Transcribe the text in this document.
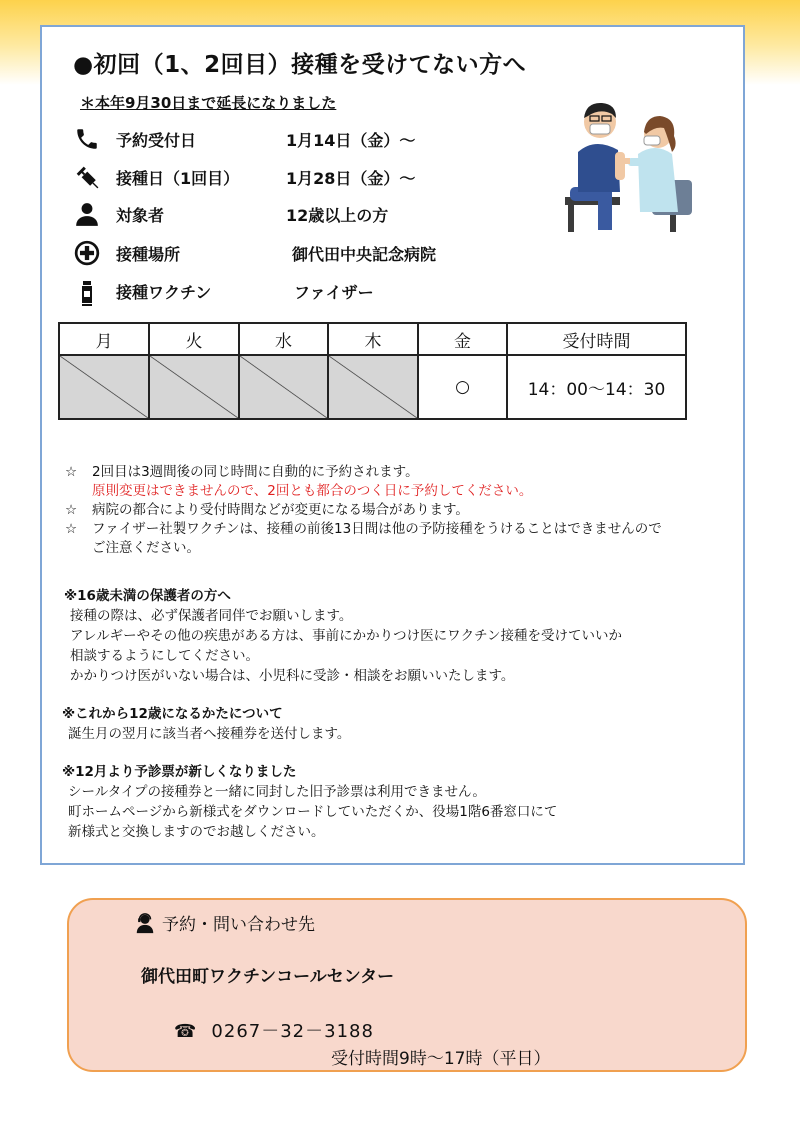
●初回（1、2回目）接種を受けてない方へ
＊本年9月30日まで延長になりました
予約受付日	1月14日（金）〜
接種日（1回目）	1月28日（金）〜
対象者	12歳以上の方
接種場所	御代田中央記念病院
接種ワクチン	ファイザー
月	火	水	木	金	受付時間
				○	14：00〜14：30
☆ 2回目は3週間後の同じ時間に自動的に予約されます。
原則変更はできませんので、2回とも都合のつく日に予約してください。
☆ 病院の都合により受付時間などが変更になる場合があります。
☆ ファイザー社製ワクチンは、接種の前後13日間は他の予防接種をうけることはできませんので
ご注意ください。
※16歳未満の保護者の方へ
接種の際は、必ず保護者同伴でお願いします。
アレルギーやその他の疾患がある方は、事前にかかりつけ医にワクチン接種を受けていいか
相談するようにしてください。
かかりつけ医がいない場合は、小児科に受診・相談をお願いいたします。
※これから12歳になるかたについて
誕生月の翌月に該当者へ接種券を送付します。
※12月より予診票が新しくなりました
シールタイプの接種券と一緒に同封した旧予診票は利用できません。
町ホームページから新様式をダウンロードしていただくか、役場1階6番窓口にて
新様式と交換しますのでお越しください。
予約・問い合わせ先
御代田町ワクチンコールセンター
☎ 0267－32－3188
受付時間9時〜17時（平日）
